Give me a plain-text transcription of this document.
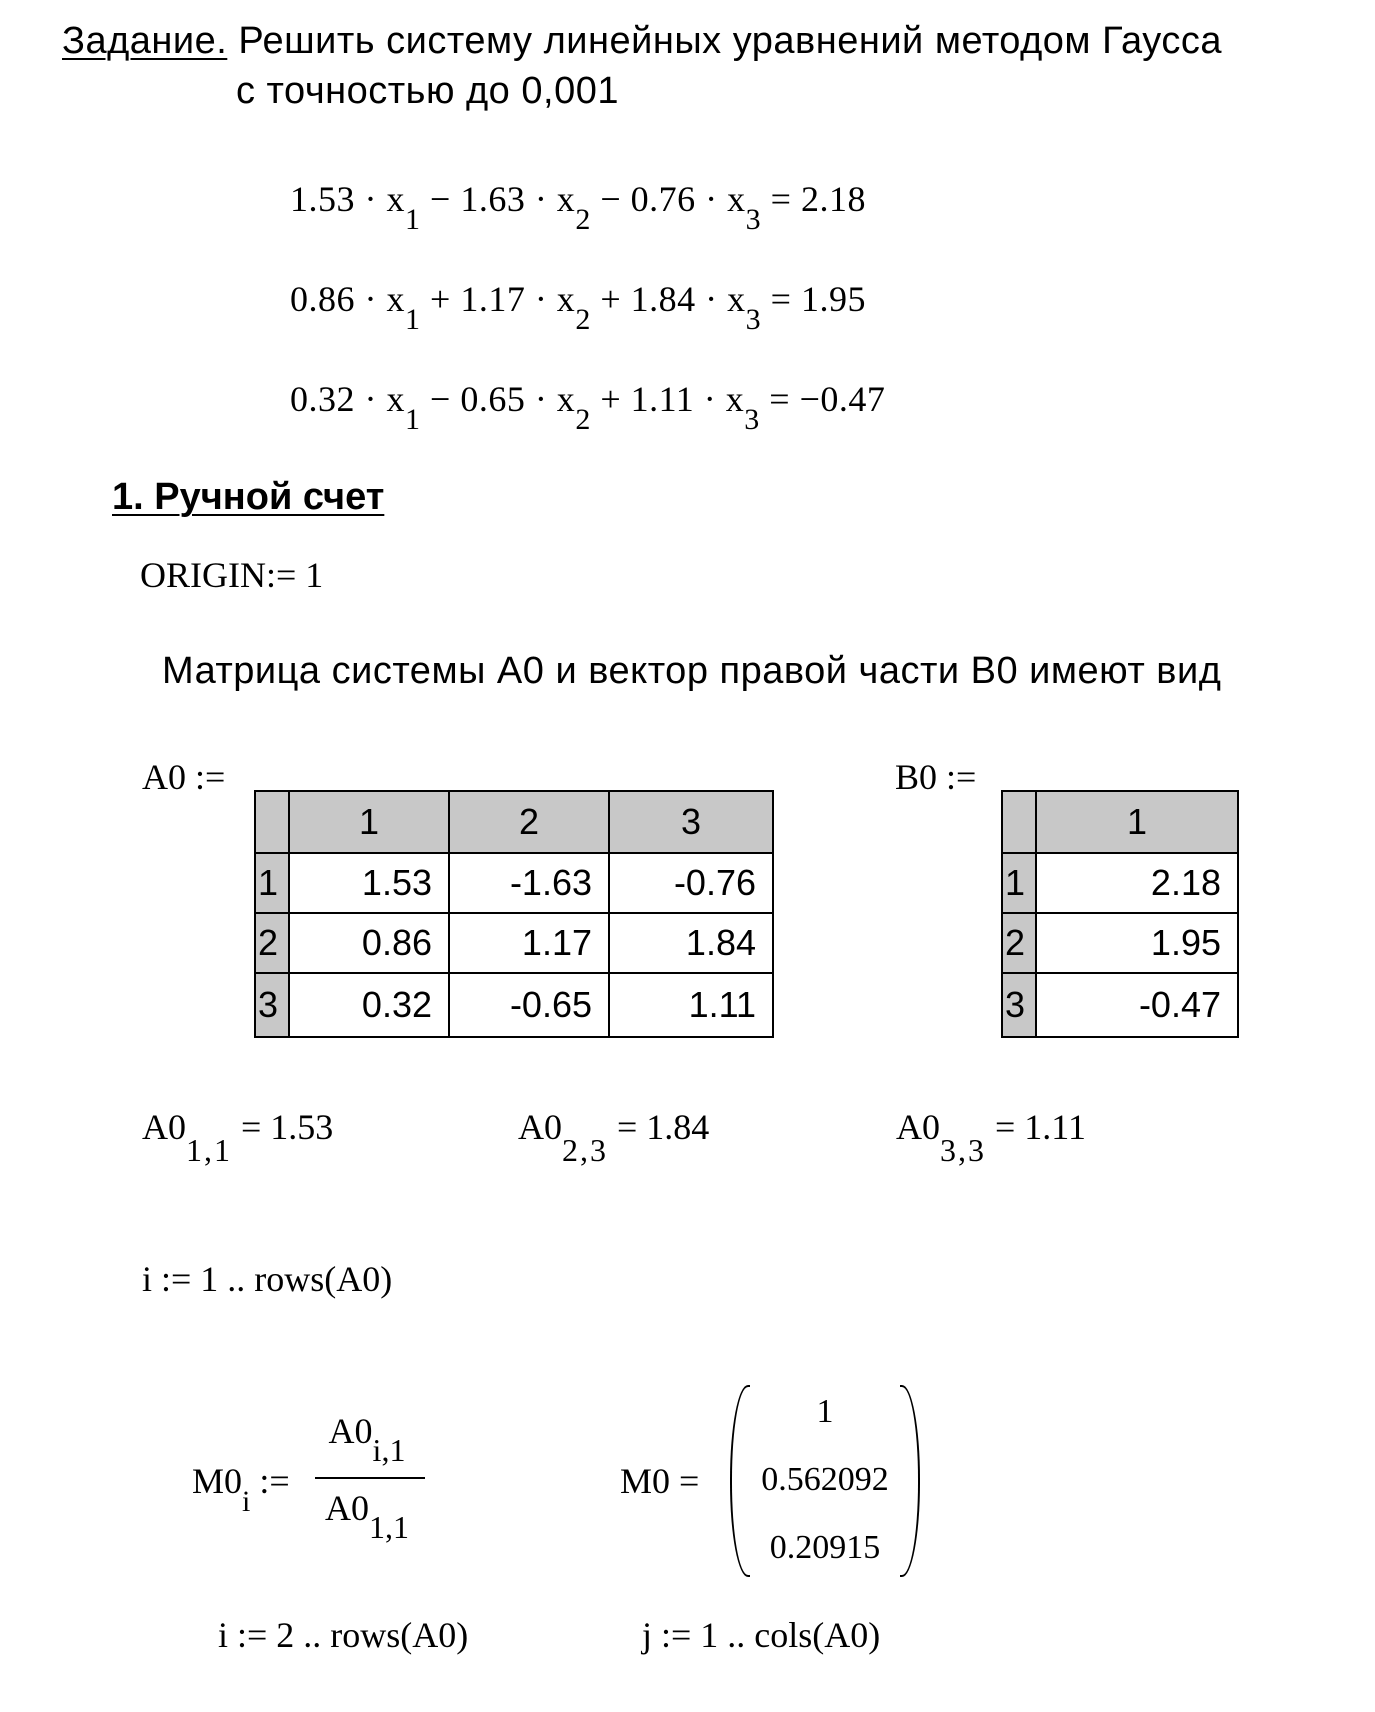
Задание. Решить систему линейных уравнений методом Гаусса
с точностью до 0,001
$1.53 \cdot x_1 - 1.63 \cdot x_2 - 0.76 \cdot x_3 = 2.18$
$0.86 \cdot x_1 + 1.17 \cdot x_2 + 1.84 \cdot x_3 = 1.95$
$0.32 \cdot x_1 - 0.65 \cdot x_2 + 1.11 \cdot x_3 = -0.47$
1. Ручной счет
ORIGIN:= 1
Матрица системы А0 и вектор правой части В0 имеют вид
A0 :=
	1	2	3
1	1.53	-1.63	-0.76
2	0.86	1.17	1.84
3	0.32	-0.65	1.11
B0 :=
	1
1	2.18
2	1.95
3	-0.47
$A0_{1,1} = 1.53$	$A0_{2,3} = 1.84$	$A0_{3,3} = 1.11$
i := 1 .. rows(A0)
$M0_i$ :=
$A0_{i,1}$
$A0_{1,1}$
M0 =
1
0.562092
0.20915
i := 2 .. rows(A0)	j := 1 .. cols(A0)
